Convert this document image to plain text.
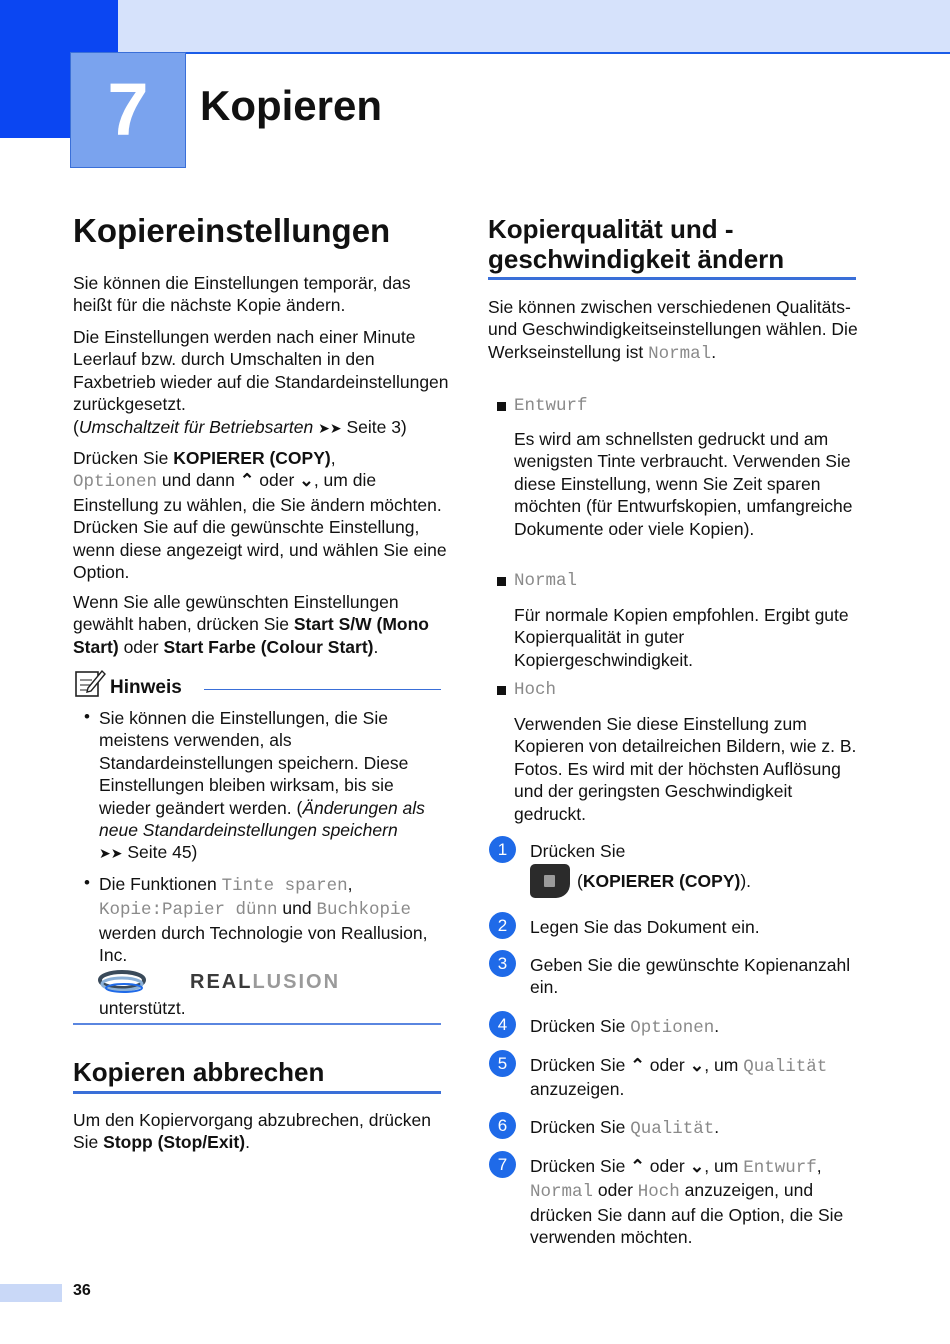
7	Kopieren
Kopiereinstellungen

Sie können die Einstellungen temporär, das heißt für die nächste Kopie ändern.

Die Einstellungen werden nach einer Minute Leerlauf bzw. durch Umschalten in den Faxbetrieb wieder auf die Standardeinstellungen zurückgesetzt.
(Umschaltzeit für Betriebsarten ➤➤ Seite 3)

Drücken Sie KOPIERER (COPY),
Optionen und dann ⌃ oder ⌄, um die Einstellung zu wählen, die Sie ändern möchten. Drücken Sie auf die gewünschte Einstellung, wenn diese angezeigt wird, und wählen Sie eine Option.

Wenn Sie alle gewünschten Einstellungen gewählt haben, drücken Sie Start S/W (Mono Start) oder Start Farbe (Colour Start).

Hinweis
• Sie können die Einstellungen, die Sie meistens verwenden, als Standardeinstellungen speichern. Diese Einstellungen bleiben wirksam, bis sie wieder geändert werden. (Änderungen als neue Standardeinstellungen speichern
➤➤ Seite 45)

• Die Funktionen Tinte sparen,
Kopie:Papier dünn und Buchkopie
werden durch Technologie von Reallusion, Inc.

REALLUSION

unterstützt.

Kopieren abbrechen

Um den Kopiervorgang abzubrechen, drücken Sie Stopp (Stop/Exit).

Kopierqualität und - geschwindigkeit ändern

Sie können zwischen verschiedenen Qualitäts- und Geschwindigkeitseinstellungen wählen. Die Werkseinstellung ist Normal.

Entwurf

Es wird am schnellsten gedruckt und am wenigsten Tinte verbraucht. Verwenden Sie diese Einstellung, wenn Sie Zeit sparen möchten (für Entwurfskopien, umfangreiche Dokumente oder viele Kopien).

Normal

Für normale Kopien empfohlen. Ergibt gute Kopierqualität in guter Kopiergeschwindigkeit.

Hoch

Verwenden Sie diese Einstellung zum Kopieren von detailreichen Bildern, wie z. B. Fotos. Es wird mit der höchsten Auflösung und der geringsten Geschwindigkeit gedruckt.

1	Drücken Sie

(KOPIERER (COPY)).

2	Legen Sie das Dokument ein.

3	Geben Sie die gewünschte Kopienanzahl ein.

4	Drücken Sie Optionen.

5	Drücken Sie ⌃ oder ⌄, um Qualität
anzuzeigen.

6	Drücken Sie Qualität.

7	Drücken Sie ⌃ oder ⌄, um Entwurf,
Normal oder Hoch anzuzeigen, und drücken Sie dann auf die Option, die Sie verwenden möchten.

36
